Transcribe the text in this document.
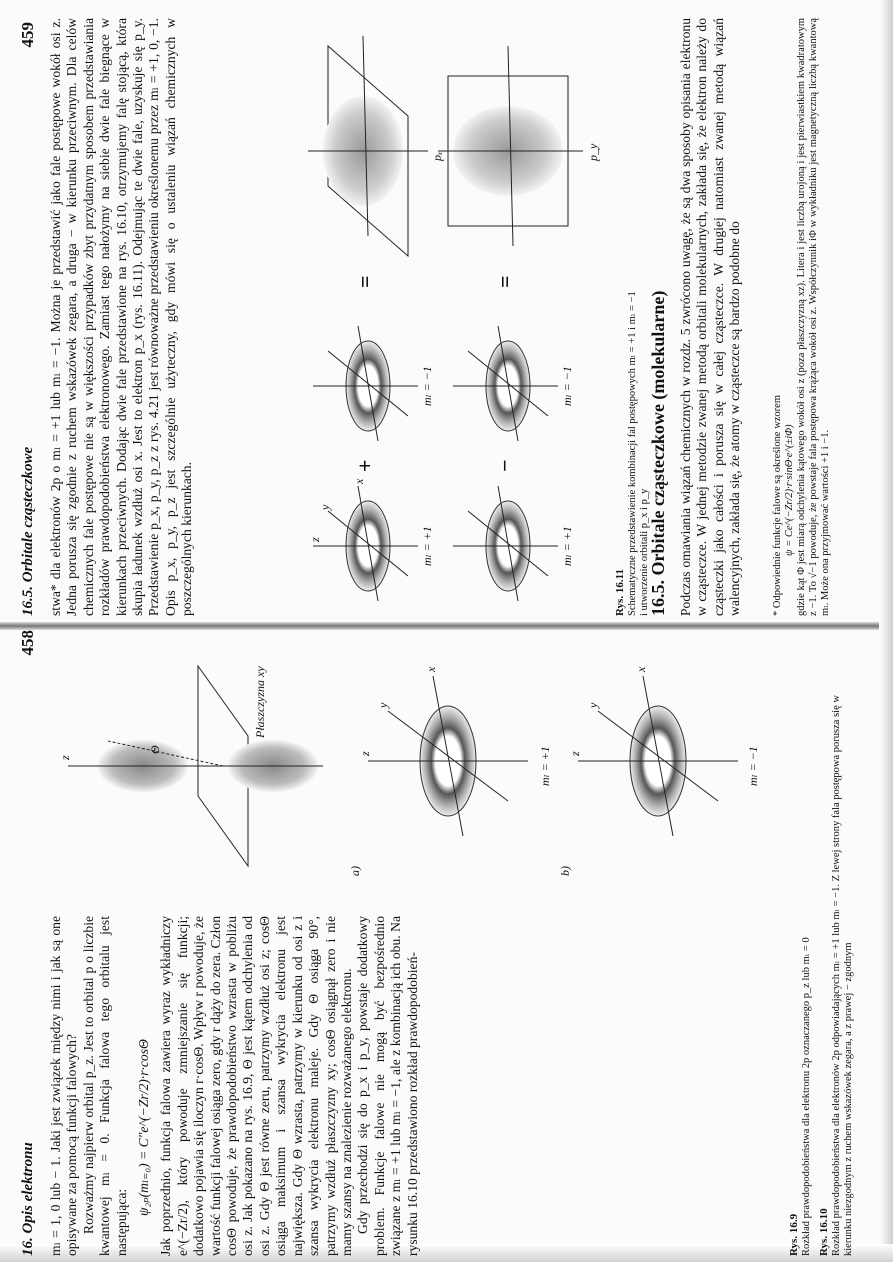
16.5. Orbitale cząsteczkowe
459 stwa* dla elektronów 2p o mₗ = +1 lub mₗ = −1. Można je przedstawić jako fale postępowe wokół osi z. Jedna porusza się zgodnie z ruchem wskazówek zegara, a druga − w kierunku przeciwnym. Dla celów chemicznych fale postępowe nie są w większości przypadków zbyt przydatnym sposobem przedstawiania rozkładów prawdopodobieństwa elektronowego. Zamiast tego nałożymy na siebie dwie fale biegnące w kierunkach przeciwnych. Dodając dwie fale przedstawione na rys. 16.10, otrzymujemy falę stojącą, która skupia ładunek wzdłuż osi x. Jest to elektron p_x (rys. 16.11). Odejmując te dwie fale, uzyskuje się p_y. Przedstawienie p_x, p_y, p_z z rys. 4.21 jest równoważne przedstawieniu określonemu przez mₗ = +1, 0, −1. Opis p_x, p_y, p_z jest szczególnie użyteczny, gdy mówi się o ustaleniu wiązań chemicznych w poszczególnych kierunkach.	+	−
=	=
mₗ = +1
mₗ = −1
mₗ = +1
mₗ = −1
pₓ	p_y
z
x
y
Rys. 16.11
Schematyczne przedstawienie kombinacji fal postępowych mₗ = +1 i mₗ = −1 i utworzenie orbitali p_x i p_y
16.5. Orbitale cząsteczkowe (molekularne) Podczas omawiania wiązań chemicznych w rozdz. 5 zwrócono uwagę, że są dwa sposoby opisania elektronu w cząsteczce. W jednej metodzie zwanej metodą orbitali molekularnych, zakłada się, że elektron należy do cząsteczki jako całości i porusza się w całej cząsteczce. W drugiej natomiast zwanej metodą wiązań walencyjnych, zakłada się, że atomy w cząsteczce są bardzo podobne do	* Odpowiednie funkcje falowe są określone wzorem ψ = Ce^(−Zr/2)·r·sinΘ·e^(±iΦ) gdzie kąt Φ jest miarą odchylenia kątowego wokół osi z (poza płaszczyzną xz). Litera i jest liczbą urojoną i jest pierwiastkiem kwadratowym z −1. To √−1 powoduje, że powstaje fala postępowa krążąca wokół osi z. Współczynnik iΦ w wykładniku jest magnetyczną liczbą kwantową mₗ. Może ona przyjmować wartości +1 i −1.
16. Opis elektronu
458

mₗ = 1, 0 lub − 1. Jaki jest związek między nimi i jak są one opisywane za pomocą funkcji falowych? Rozważmy najpierw orbital p_z. Jest to orbital p o liczbie kwantowej mₗ = 0. Funkcja falowa tego orbitalu jest następująca:

ψ₂ₚ(mₗ₌₀) = C″e^(−Zr/2)·r·cosΘ Jak poprzednio, funkcja falowa zawiera wyraz wykładniczy e^(−Zr/2), który powoduje zmniejszanie się funkcji; dodatkowo pojawia się iloczyn r·cosΘ. Wpływ r powoduje, że wartość funkcji falowej osiąga zero, gdy r dąży do zera. Człon cosΘ powoduje, że prawdopodobieństwo wzrasta w pobliżu osi z. Jak pokazano na rys. 16.9, Θ jest kątem odchylenia od osi z. Gdy Θ jest równe zeru, patrzymy wzdłuż osi z; cosΘ osiąga maksimum i szansa wykrycia elektronu jest największa. Gdy Θ wzrasta, patrzymy w kierunku od osi z i szansa wykrycia elektronu maleje. Gdy Θ osiąga 90°, patrzymy wzdłuż płaszczyzny xy; cosΘ osiągnął zero i nie mamy szansy na znalezienie rozważanego elektronu. Gdy przechodzi się do p_x i p_y, powstaje dodatkowy problem. Funkcje falowe nie mogą być bezpośrednio związane z mₗ = +1 lub mₗ = −1, ale z kombinacją ich obu. Na rysunku 16.10 przedstawiono rozkład prawdopodobień-

z
Θ
Płaszczyzna xy
a)	b)
mₗ = +1	mₗ = −1
z
x
y
z
x
y
Rys. 16.9
Rozkład prawdopodobieństwa dla elektronu 2p oznaczanego p_z lub mₗ = 0 Rys. 16.10
Rozkład prawdopodobieństwa dla elektronów 2p odpowiadających mₗ = +1 lub mₗ = −1. Z lewej strony fala postępowa porusza się w kierunku niezgodnym z ruchem wskazówek zegara, a z prawej − zgodnym
